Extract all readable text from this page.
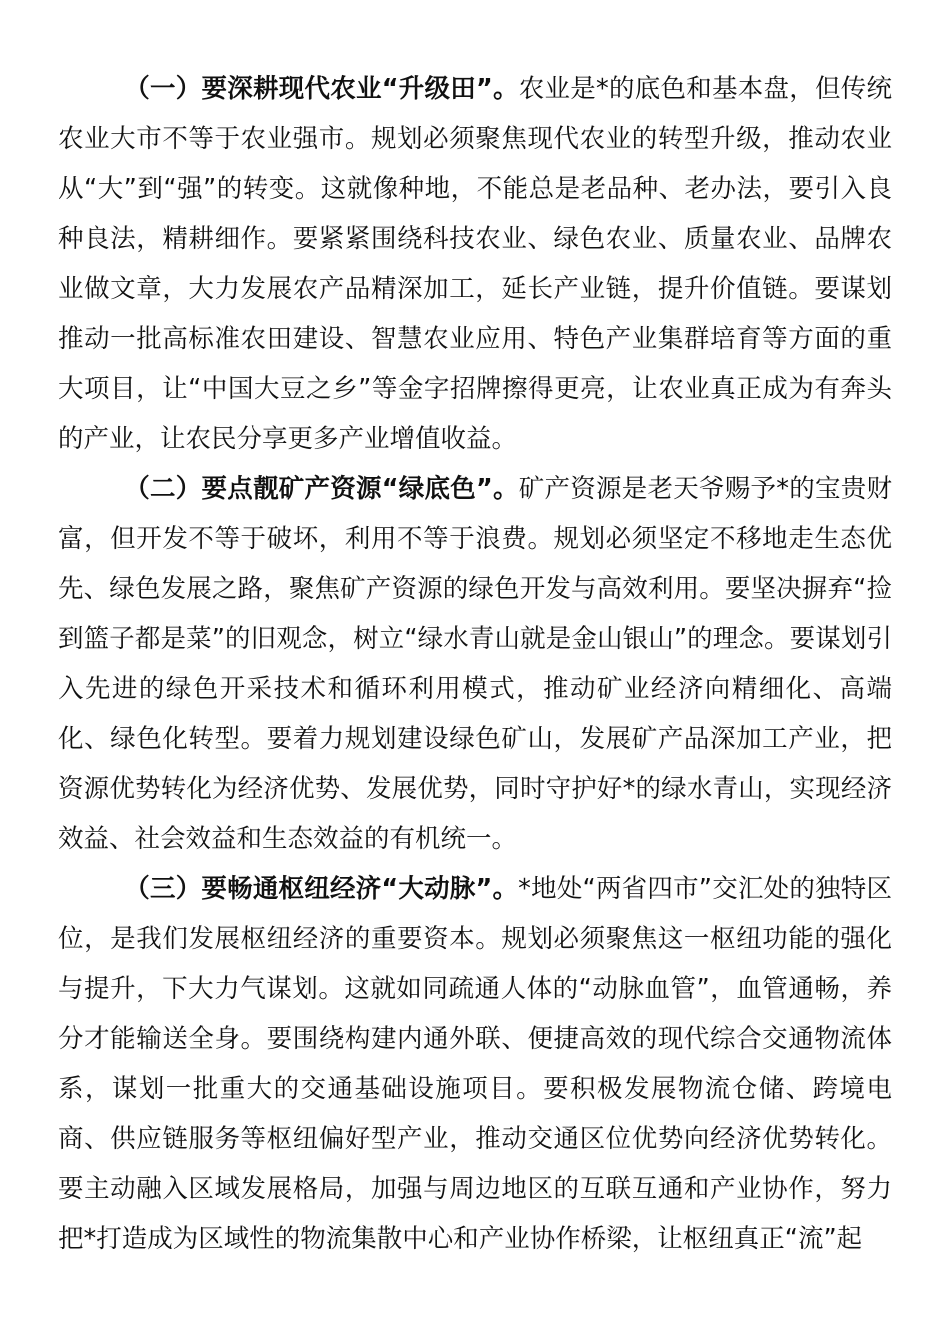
（一）要深耕现代农业“升级田”。农业是*的底色和基本盘，但传统农业大市不等于农业强市。规划必须聚焦现代农业的转型升级，推动农业从“大”到“强”的转变。这就像种地，不能总是老品种、老办法，要引入良种良法，精耕细作。要紧紧围绕科技农业、绿色农业、质量农业、品牌农业做文章，大力发展农产品精深加工，延长产业链，提升价值链。要谋划推动一批高标准农田建设、智慧农业应用、特色产业集群培育等方面的重大项目，让“中国大豆之乡”等金字招牌擦得更亮，让农业真正成为有奔头的产业，让农民分享更多产业增值收益。

（二）要点靓矿产资源“绿底色”。矿产资源是老天爷赐予*的宝贵财富，但开发不等于破坏，利用不等于浪费。规划必须坚定不移地走生态优先、绿色发展之路，聚焦矿产资源的绿色开发与高效利用。要坚决摒弃“捡到篮子都是菜”的旧观念，树立“绿水青山就是金山银山”的理念。要谋划引入先进的绿色开采技术和循环利用模式，推动矿业经济向精细化、高端化、绿色化转型。要着力规划建设绿色矿山，发展矿产品深加工产业，把资源优势转化为经济优势、发展优势，同时守护好*的绿水青山，实现经济效益、社会效益和生态效益的有机统一。

（三）要畅通枢纽经济“大动脉”。*地处“两省四市”交汇处的独特区位，是我们发展枢纽经济的重要资本。规划必须聚焦这一枢纽功能的强化与提升，下大力气谋划。这就如同疏通人体的“动脉血管”，血管通畅，养分才能输送全身。要围绕构建内通外联、便捷高效的现代综合交通物流体系，谋划一批重大的交通基础设施项目。要积极发展物流仓储、跨境电商、供应链服务等枢纽偏好型产业，推动交通区位优势向经济优势转化。要主动融入区域发展格局，加强与周边地区的互联互通和产业协作，努力把*打造成为区域性的物流集散中心和产业协作桥梁，让枢纽真正“流”起
